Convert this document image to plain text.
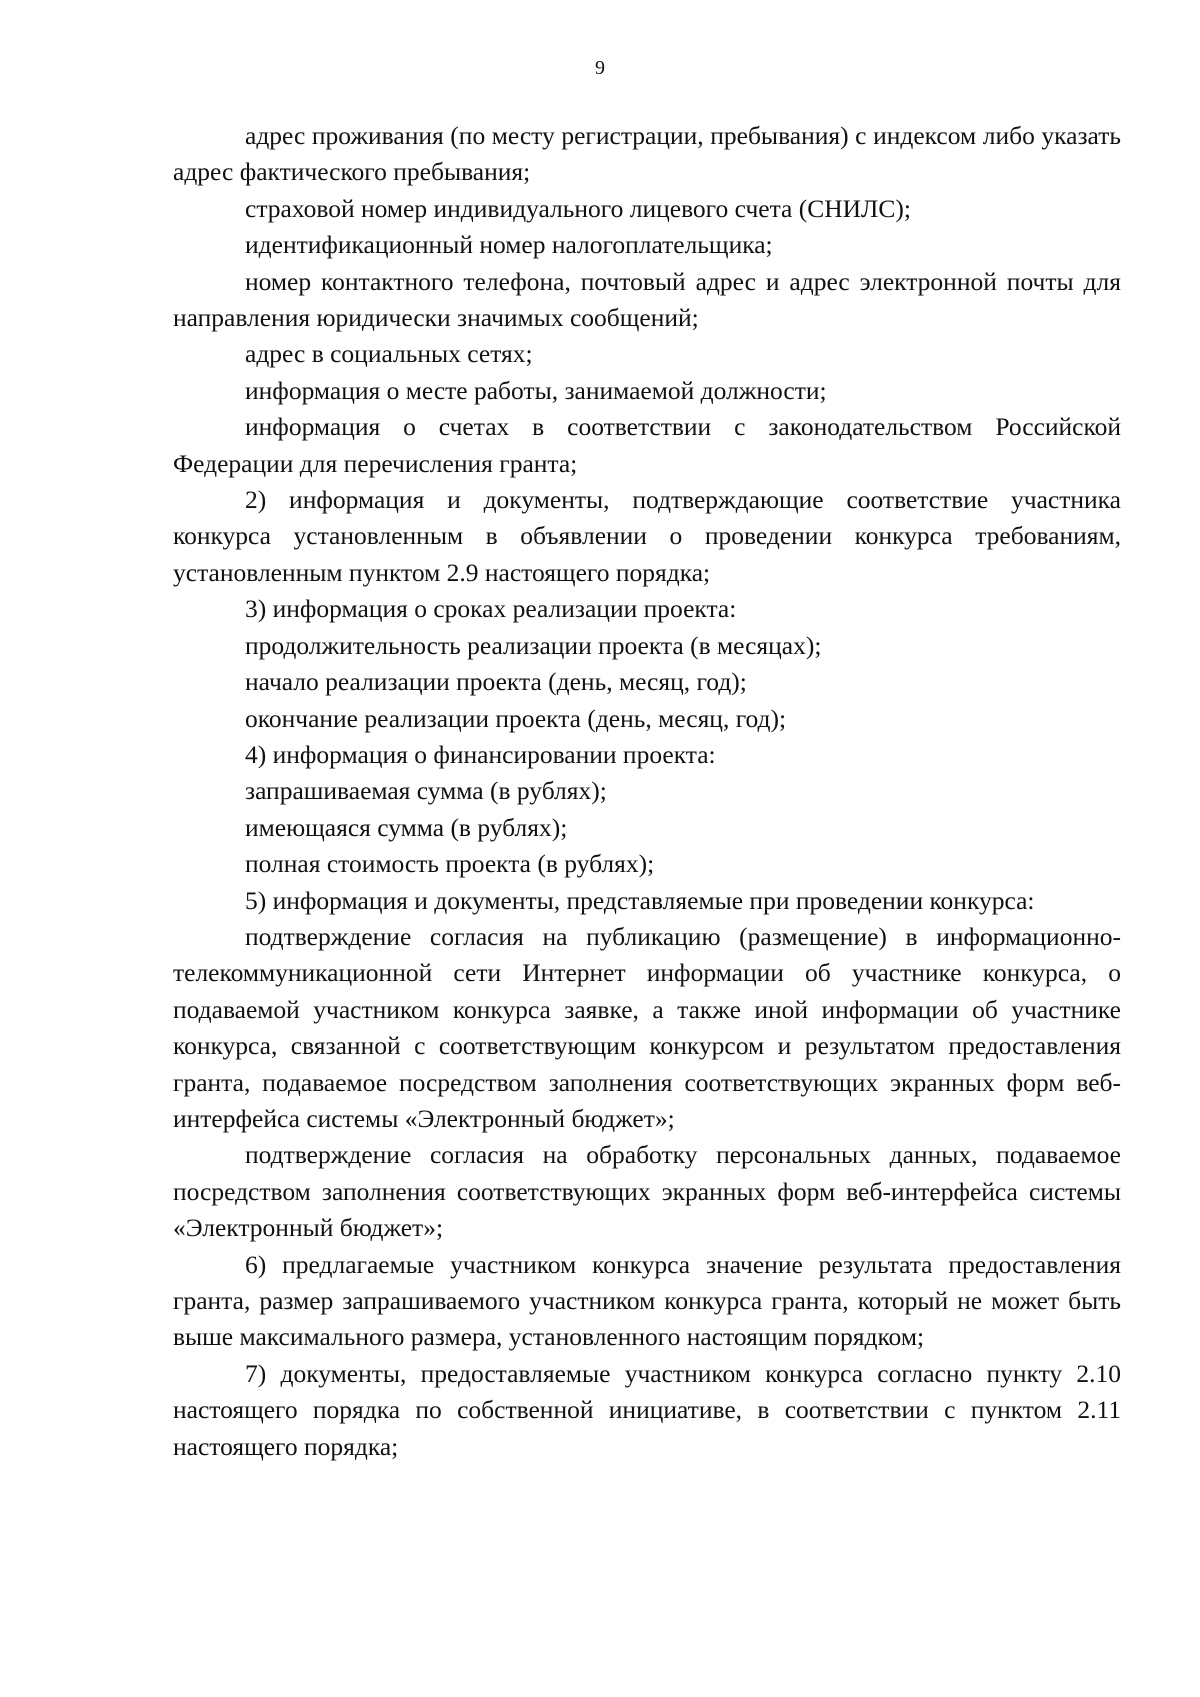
9

адрес проживания (по месту регистрации, пребывания) с индексом либо указать адрес фактического пребывания;

страховой номер индивидуального лицевого счета (СНИЛС);

идентификационный номер налогоплательщика;

номер контактного телефона, почтовый адрес и адрес электронной почты для направления юридически значимых сообщений;

адрес в социальных сетях;

информация о месте работы, занимаемой должности;

информация о счетах в соответствии с законодательством Российской Федерации для перечисления гранта;

2) информация и документы, подтверждающие соответствие участника конкурса установленным в объявлении о проведении конкурса требованиям, установленным пунктом 2.9 настоящего порядка;

3) информация о сроках реализации проекта:

продолжительность реализации проекта (в месяцах);

начало реализации проекта (день, месяц, год);

окончание реализации проекта (день, месяц, год);

4) информация о финансировании проекта:

запрашиваемая сумма (в рублях);

имеющаяся сумма (в рублях);

полная стоимость проекта (в рублях);

5) информация и документы, представляемые при проведении конкурса:

подтверждение согласия на публикацию (размещение) в информационно-телекоммуникационной сети Интернет информации об участнике конкурса, о подаваемой участником конкурса заявке, а также иной информации об участнике конкурса, связанной с соответствующим конкурсом и результатом предоставления гранта, подаваемое посредством заполнения соответствующих экранных форм веб-интерфейса системы «Электронный бюджет»;

подтверждение согласия на обработку персональных данных, подаваемое посредством заполнения соответствующих экранных форм веб-интерфейса системы «Электронный бюджет»;

6) предлагаемые участником конкурса значение результата предоставления гранта, размер запрашиваемого участником конкурса гранта, который не может быть выше максимального размера, установленного настоящим порядком;

7) документы, предоставляемые участником конкурса согласно пункту 2.10 настоящего порядка по собственной инициативе, в соответствии с пунктом 2.11 настоящего порядка;
